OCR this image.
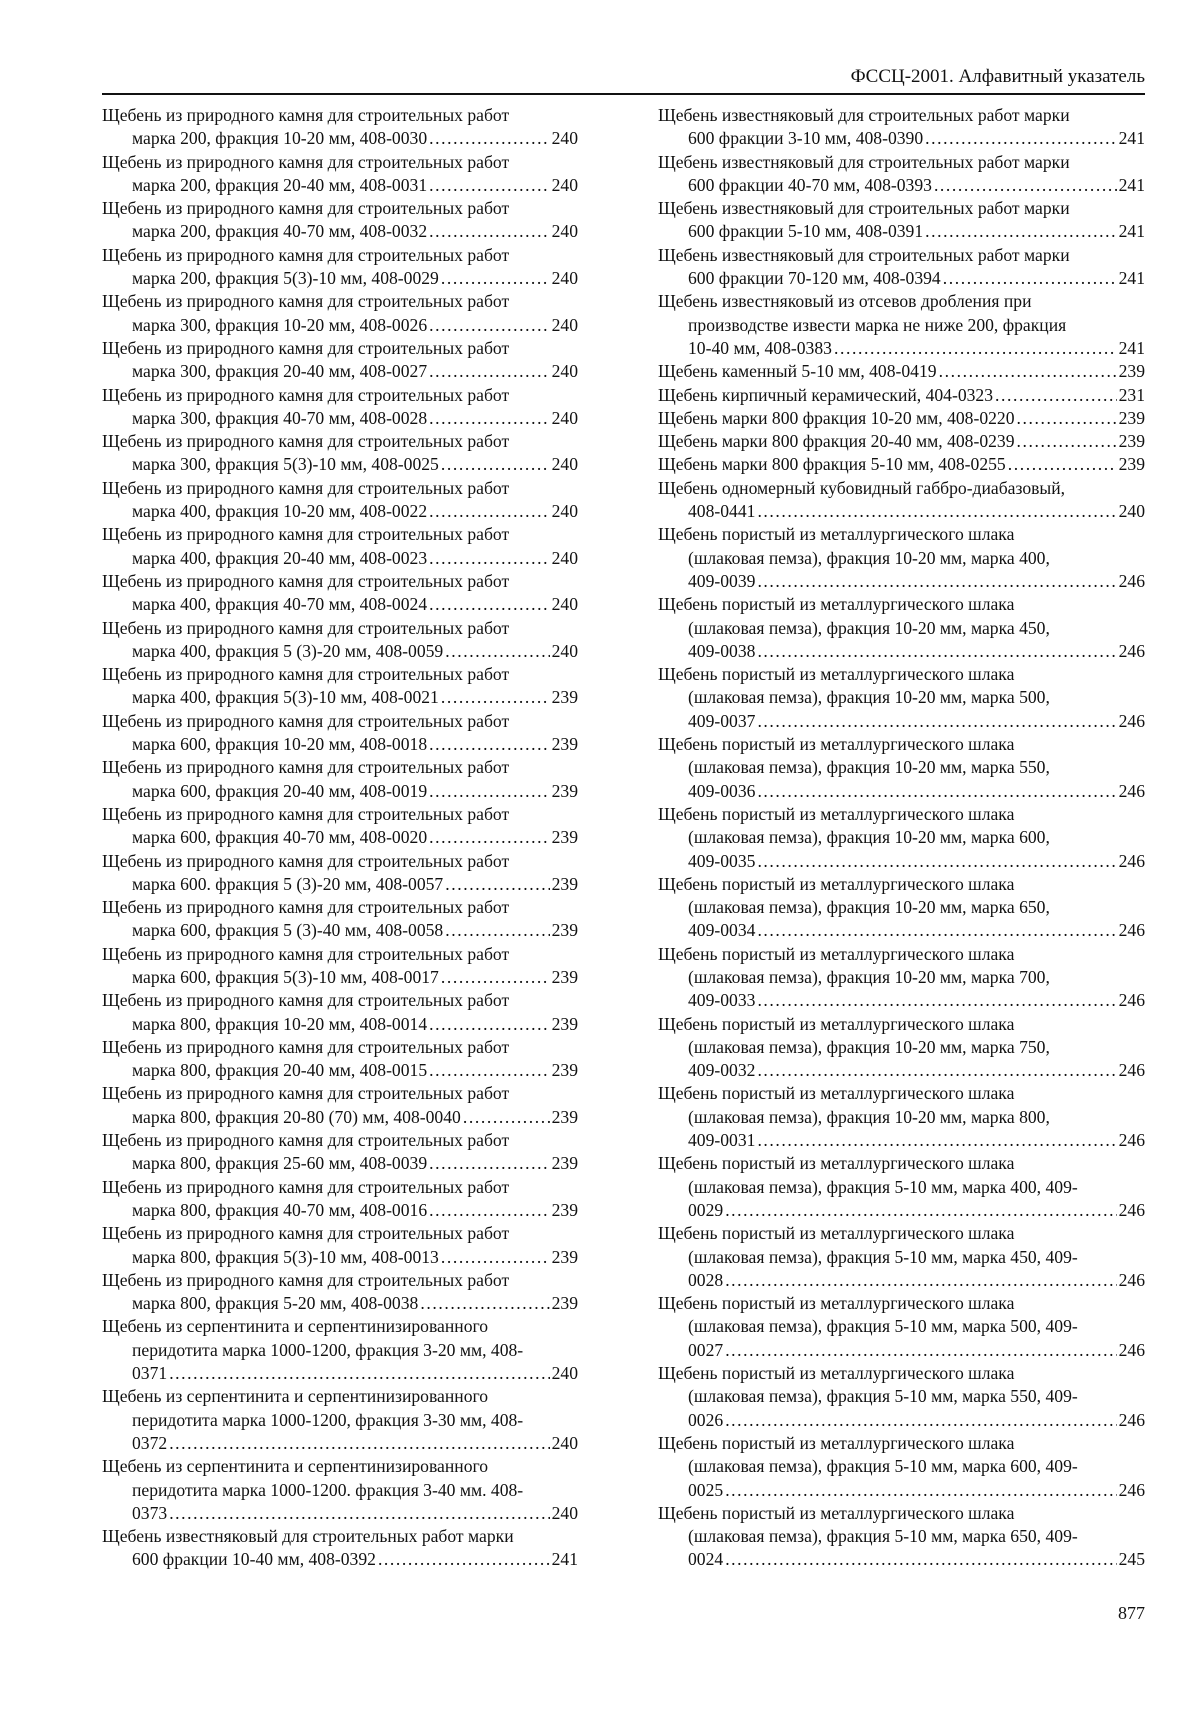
ФССЦ-2001. Алфавитный указатель
Щебень из природного камня для строительных работ
марка 200, фракция 10-20 мм, 408-0030 .....	240
Щебень из природного камня для строительных работ
марка 200, фракция 20-40 мм, 408-0031 .....	240
Щебень из природного камня для строительных работ
марка 200, фракция 40-70 мм, 408-0032 .....	240
Щебень из природного камня для строительных работ
марка 200, фракция 5(3)-10 мм, 408-0029 .....	240
Щебень из природного камня для строительных работ
марка 300, фракция 10-20 мм, 408-0026 .....	240
Щебень из природного камня для строительных работ
марка 300, фракция 20-40 мм, 408-0027 .....	240
Щебень из природного камня для строительных работ
марка 300, фракция 40-70 мм, 408-0028 .....	240
Щебень из природного камня для строительных работ
марка 300, фракция 5(3)-10 мм, 408-0025 .....	240
Щебень из природного камня для строительных работ
марка 400, фракция 10-20 мм, 408-0022 .....	240
Щебень из природного камня для строительных работ
марка 400, фракция 20-40 мм, 408-0023 .....	240
Щебень из природного камня для строительных работ
марка 400, фракция 40-70 мм, 408-0024 .....	240
Щебень из природного камня для строительных работ
марка 400, фракция 5 (3)-20 мм, 408-0059 .....	240
Щебень из природного камня для строительных работ
марка 400, фракция 5(3)-10 мм, 408-0021 .....	239
Щебень из природного камня для строительных работ
марка 600, фракция 10-20 мм, 408-0018 .....	239
Щебень из природного камня для строительных работ
марка 600, фракция 20-40 мм, 408-0019 .....	239
Щебень из природного камня для строительных работ
марка 600, фракция 40-70 мм, 408-0020 .....	239
Щебень из природного камня для строительных работ
марка 600. фракция 5 (3)-20 мм, 408-0057 .....	239
Щебень из природного камня для строительных работ
марка 600, фракция 5 (3)-40 мм, 408-0058 .....	239
Щебень из природного камня для строительных работ
марка 600, фракция 5(3)-10 мм, 408-0017 .....	239
Щебень из природного камня для строительных работ
марка 800, фракция 10-20 мм, 408-0014 .....	239
Щебень из природного камня для строительных работ
марка 800, фракция 20-40 мм, 408-0015 .....	239
Щебень из природного камня для строительных работ
марка 800, фракция 20-80 (70) мм, 408-0040 .....	239
Щебень из природного камня для строительных работ
марка 800, фракция 25-60 мм, 408-0039 .....	239
Щебень из природного камня для строительных работ
марка 800, фракция 40-70 мм, 408-0016 .....	239
Щебень из природного камня для строительных работ
марка 800, фракция 5(3)-10 мм, 408-0013 .....	239
Щебень из природного камня для строительных работ
марка 800, фракция 5-20 мм, 408-0038 .....	239
Щебень из серпентинита и серпентинизированного
перидотита марка 1000-1200, фракция 3-20 мм, 408-
0371 .....	240
Щебень из серпентинита и серпентинизированного
перидотита марка 1000-1200, фракция 3-30 мм, 408-
0372 .....	240
Щебень из серпентинита и серпентинизированного
перидотита марка 1000-1200. фракция 3-40 мм. 408-
0373 .....	240
Щебень известняковый для строительных работ марки
600 фракции 10-40 мм, 408-0392 .....	241
Щебень известняковый для строительных работ марки
600 фракции 3-10 мм, 408-0390 .....	241
Щебень известняковый для строительных работ марки
600 фракции 40-70 мм, 408-0393 .....	241
Щебень известняковый для строительных работ марки
600 фракции 5-10 мм, 408-0391 .....	241
Щебень известняковый для строительных работ марки
600 фракции 70-120 мм, 408-0394 .....	241
Щебень известняковый из отсевов дробления при
производстве извести марка не ниже 200, фракция
10-40 мм, 408-0383 .....	241
Щебень каменный 5-10 мм, 408-0419 .....	239
Щебень кирпичный керамический, 404-0323 .....	231
Щебень марки 800 фракция 10-20 мм, 408-0220 .....	239
Щебень марки 800 фракция 20-40 мм, 408-0239 .....	239
Щебень марки 800 фракция 5-10 мм, 408-0255 .....	239
Щебень одномерный кубовидный габбро-диабазовый,
408-0441 .....	240
Щебень пористый из металлургического шлака
(шлаковая пемза), фракция 10-20 мм, марка 400,
409-0039 .....	246
Щебень пористый из металлургического шлака
(шлаковая пемза), фракция 10-20 мм, марка 450,
409-0038 .....	246
Щебень пористый из металлургического шлака
(шлаковая пемза), фракция 10-20 мм, марка 500,
409-0037 .....	246
Щебень пористый из металлургического шлака
(шлаковая пемза), фракция 10-20 мм, марка 550,
409-0036 .....	246
Щебень пористый из металлургического шлака
(шлаковая пемза), фракция 10-20 мм, марка 600,
409-0035 .....	246
Щебень пористый из металлургического шлака
(шлаковая пемза), фракция 10-20 мм, марка 650,
409-0034 .....	246
Щебень пористый из металлургического шлака
(шлаковая пемза), фракция 10-20 мм, марка 700,
409-0033 .....	246
Щебень пористый из металлургического шлака
(шлаковая пемза), фракция 10-20 мм, марка 750,
409-0032 .....	246
Щебень пористый из металлургического шлака
(шлаковая пемза), фракция 10-20 мм, марка 800,
409-0031 .....	246
Щебень пористый из металлургического шлака
(шлаковая пемза), фракция 5-10 мм, марка 400, 409-
0029 .....	246
Щебень пористый из металлургического шлака
(шлаковая пемза), фракция 5-10 мм, марка 450, 409-
0028 .....	246
Щебень пористый из металлургического шлака
(шлаковая пемза), фракция 5-10 мм, марка 500, 409-
0027 .....	246
Щебень пористый из металлургического шлака
(шлаковая пемза), фракция 5-10 мм, марка 550, 409-
0026 .....	246
Щебень пористый из металлургического шлака
(шлаковая пемза), фракция 5-10 мм, марка 600, 409-
0025 .....	246
Щебень пористый из металлургического шлака
(шлаковая пемза), фракция 5-10 мм, марка 650, 409-
0024 .....	245
877
